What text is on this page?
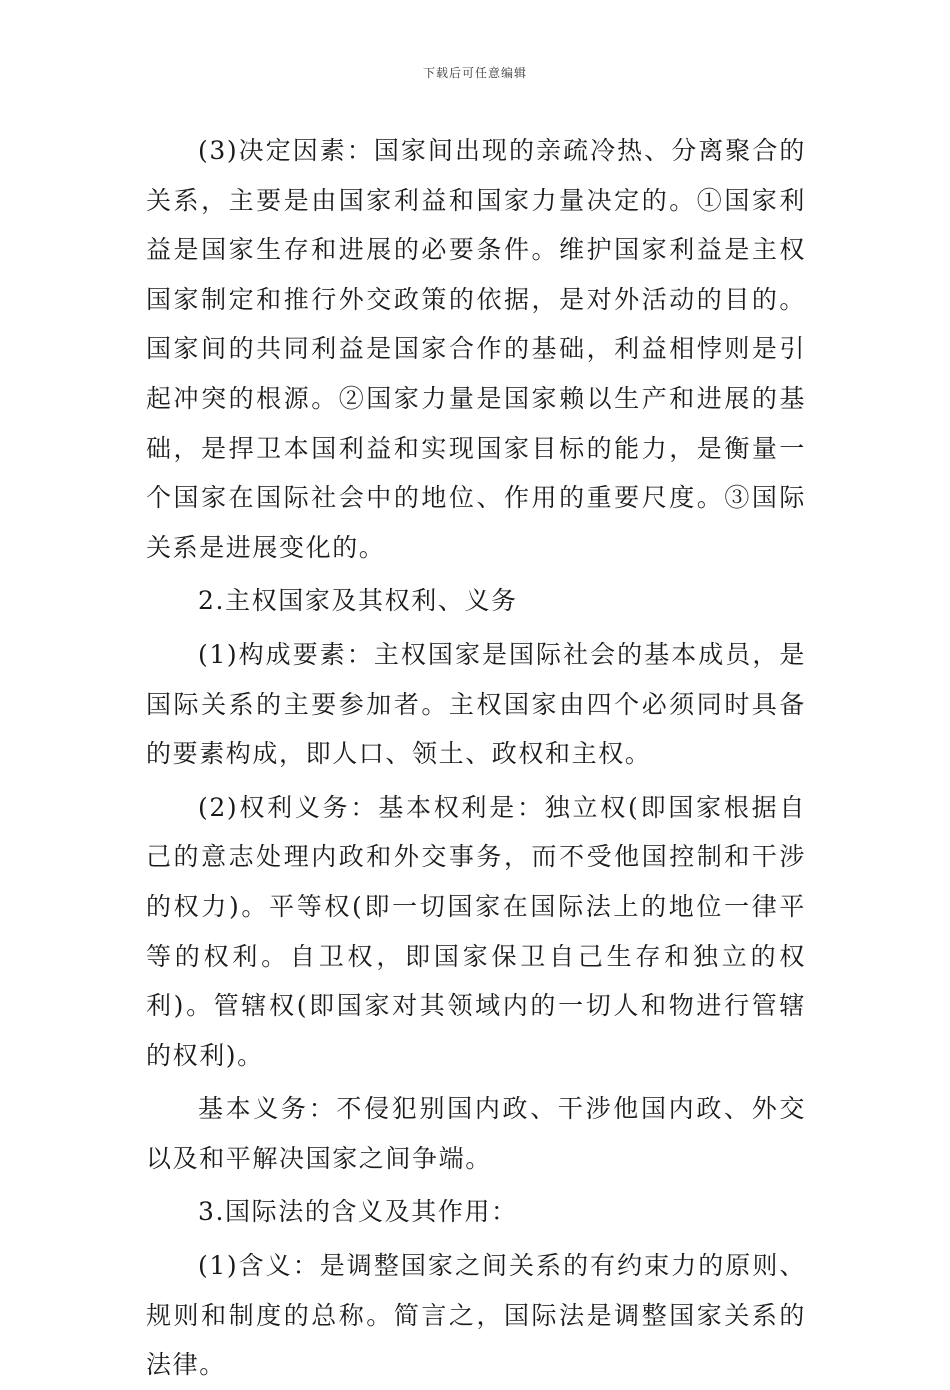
下载后可任意编辑

(3)决定因素：国家间出现的亲疏冷热、分离聚合的关系，主要是由国家利益和国家力量决定的。①国家利益是国家生存和进展的必要条件。维护国家利益是主权国家制定和推行外交政策的依据，是对外活动的目的。国家间的共同利益是国家合作的基础，利益相悖则是引起冲突的根源。②国家力量是国家赖以生产和进展的基础，是捍卫本国利益和实现国家目标的能力，是衡量一个国家在国际社会中的地位、作用的重要尺度。③国际关系是进展变化的。

2.主权国家及其权利、义务

(1)构成要素：主权国家是国际社会的基本成员，是国际关系的主要参加者。主权国家由四个必须同时具备的要素构成，即人口、领土、政权和主权。

(2)权利义务：基本权利是：独立权(即国家根据自己的意志处理内政和外交事务，而不受他国控制和干涉的权力)。平等权(即一切国家在国际法上的地位一律平等的权利。自卫权，即国家保卫自己生存和独立的权利)。管辖权(即国家对其领域内的一切人和物进行管辖的权利)。

基本义务：不侵犯别国内政、干涉他国内政、外交以及和平解决国家之间争端。

3.国际法的含义及其作用：

(1)含义：是调整国家之间关系的有约束力的原则、规则和制度的总称。简言之，国际法是调整国家关系的法律。
